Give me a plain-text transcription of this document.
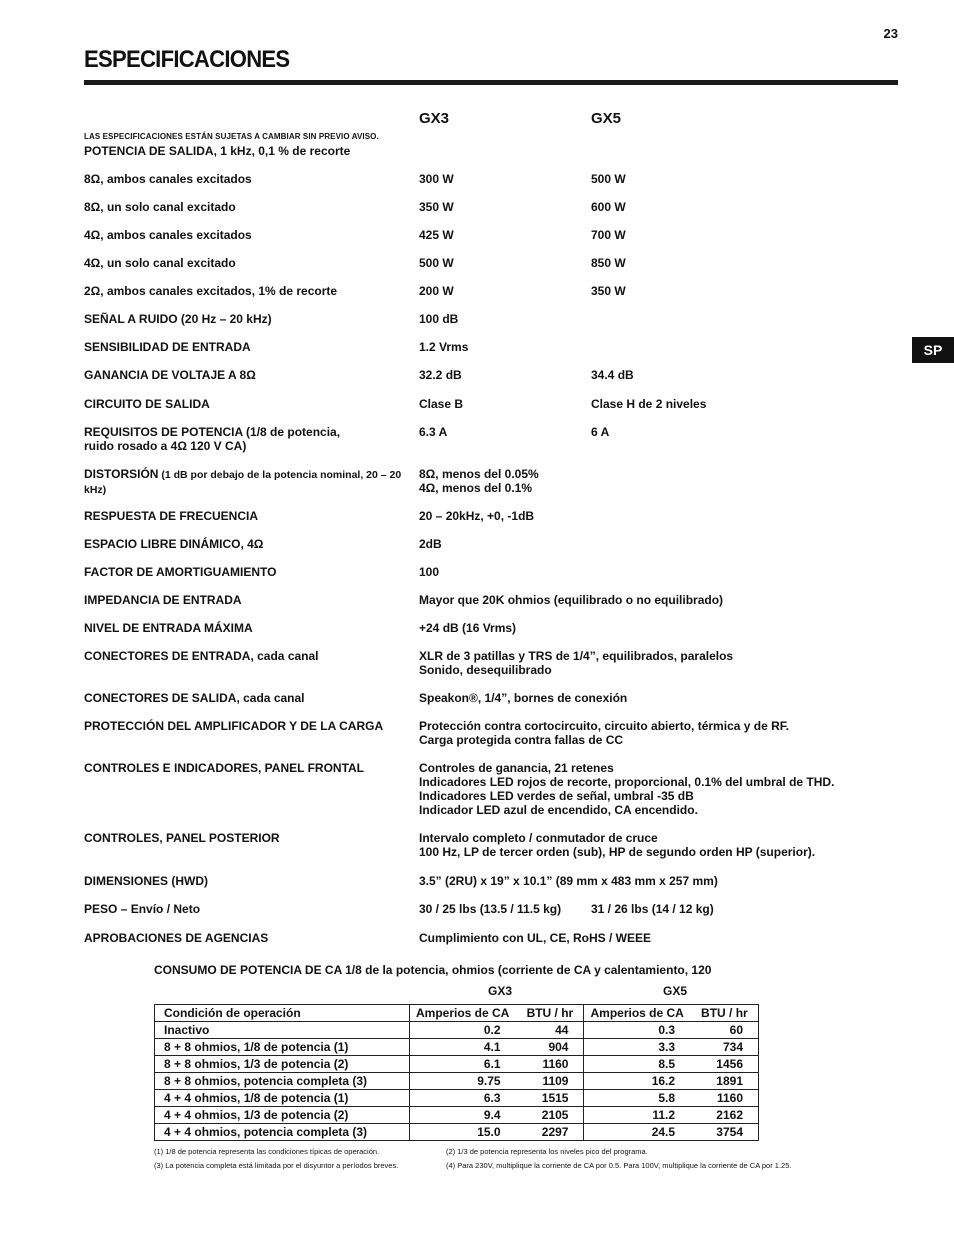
23
ESPECIFICACIONES
GX3	GX5
LAS ESPECIFICACIONES ESTÁN SUJETAS A CAMBIAR SIN PREVIO AVISO.
SP
POTENCIA DE SALIDA, 1 kHz, 0,1 % de recorte
8Ω, ambos canales excitados	300 W	500 W
8Ω, un solo canal excitado	350 W	600 W
4Ω, ambos canales excitados	425 W	700 W
4Ω, un solo canal excitado	500 W	850 W
2Ω, ambos canales excitados, 1% de recorte	200 W	350 W
SEÑAL A RUIDO (20 Hz – 20 kHz)	100 dB
SENSIBILIDAD DE ENTRADA	1.2 Vrms
GANANCIA DE VOLTAJE A 8Ω	32.2 dB	34.4 dB
CIRCUITO DE SALIDA	Clase B	Clase H de 2 niveles
REQUISITOS DE POTENCIA (1/8 de potencia,
ruido rosado a 4Ω 120 V CA)
6.3 A	6 A
DISTORSIÓN (1 dB por debajo de la potencia nominal, 20 – 20 kHz)
8Ω, menos del 0.05%
4Ω, menos del 0.1%
RESPUESTA DE FRECUENCIA	20 – 20kHz, +0, -1dB
ESPACIO LIBRE DINÁMICO, 4Ω	2dB
FACTOR DE AMORTIGUAMIENTO	100
IMPEDANCIA DE ENTRADA	Mayor que 20K ohmios (equilibrado o no equilibrado)
NIVEL DE ENTRADA MÁXIMA	+24 dB (16 Vrms)
CONECTORES DE ENTRADA, cada canal	XLR de 3 patillas y TRS de 1/4”, equilibrados, paralelos
Sonido, desequilibrado
CONECTORES DE SALIDA, cada canal	Speakon®, 1/4”, bornes de conexión
PROTECCIÓN DEL AMPLIFICADOR Y DE LA CARGA	Protección contra cortocircuito, circuito abierto, térmica y de RF.
Carga protegida contra fallas de CC
CONTROLES E INDICADORES, PANEL FRONTAL	Controles de ganancia, 21 retenes
Indicadores LED rojos de recorte, proporcional, 0.1% del umbral de THD.
Indicadores LED verdes de señal, umbral -35 dB
Indicador LED azul de encendido, CA encendido.
CONTROLES, PANEL POSTERIOR	Intervalo completo / conmutador de cruce
100 Hz, LP de tercer orden (sub), HP de segundo orden HP (superior).
DIMENSIONES (HWD)	3.5” (2RU) x 19” x 10.1” (89 mm x 483 mm x 257 mm)
PESO – Envío / Neto	30 / 25 lbs (13.5 / 11.5 kg)	31 / 26 lbs (14 / 12 kg)
APROBACIONES DE AGENCIAS	Cumplimiento con UL, CE, RoHS / WEEE
CONSUMO DE POTENCIA DE CA 1/8 de la potencia, ohmios (corriente de CA y calentamiento, 120
GX3	GX5
Condición de operación	Amperios de CA	BTU / hr	Amperios de CA	BTU / hr
Inactivo	0.2	44	0.3	60
8 + 8 ohmios, 1/8 de potencia (1)	4.1	904	3.3	734
8 + 8 ohmios, 1/3 de potencia (2)	6.1	1160	8.5	1456
8 + 8 ohmios, potencia completa (3)	9.75	1109	16.2	1891
4 + 4 ohmios, 1/8 de potencia (1)	6.3	1515	5.8	1160
4 + 4 ohmios, 1/3 de potencia (2)	9.4	2105	11.2	2162
4 + 4 ohmios, potencia completa (3)	15.0	2297	24.5	3754
(1) 1/8 de potencia representa las condiciones típicas de operación.	(2) 1/3 de potencia representa los niveles pico del programa.
(3) La potencia completa está limitada por el disyuntor a períodos breves.	(4) Para 230V, multiplique la corriente de CA por 0.5. Para 100V, multiplique la corriente de CA por 1.25.
